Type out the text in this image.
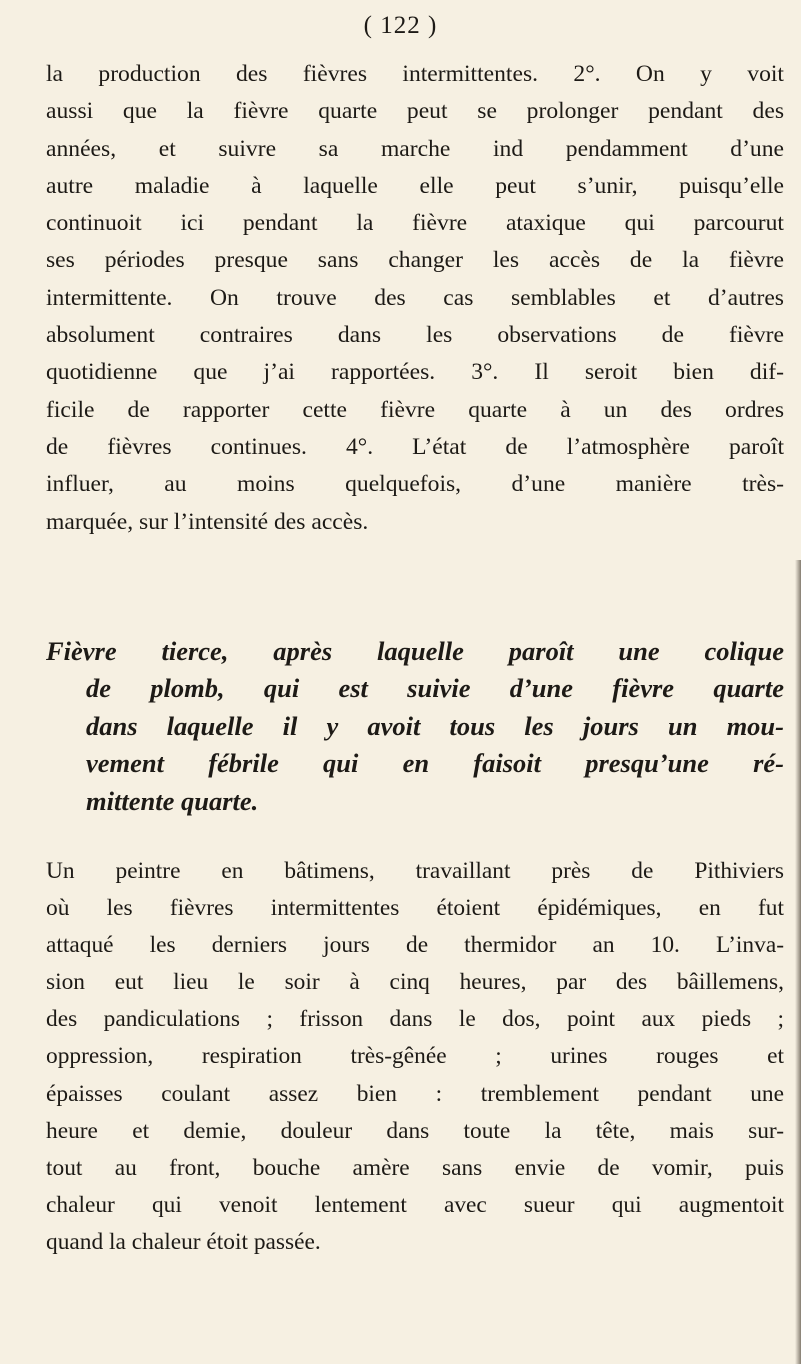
( 122 )
la production des fièvres intermittentes. 2°. On y voit
aussi que la fièvre quarte peut se prolonger pendant des
années, et suivre sa marche ind pendamment d’une
autre maladie à laquelle elle peut s’unir, puisqu’elle
continuoit ici pendant la fièvre ataxique qui parcourut
ses périodes presque sans changer les accès de la fièvre
intermittente. On trouve des cas semblables et d’autres
absolument contraires dans les observations de fièvre
quotidienne que j’ai rapportées. 3°. Il seroit bien dif-
ficile de rapporter cette fièvre quarte à un des ordres
de fièvres continues. 4°. L’état de l’atmosphère paroît
influer, au moins quelquefois, d’une manière très-
marquée, sur l’intensité des accès.
Fièvre tierce, après laquelle paroît une colique
de plomb, qui est suivie d’une fièvre quarte
dans laquelle il y avoit tous les jours un mou-
vement fébrile qui en faisoit presqu’une ré-
mittente quarte.
Un peintre en bâtimens, travaillant près de Pithiviers
où les fièvres intermittentes étoient épidémiques, en fut
attaqué les derniers jours de thermidor an 10. L’inva-
sion eut lieu le soir à cinq heures, par des bâillemens,
des pandiculations ; frisson dans le dos, point aux pieds ;
oppression, respiration très-gênée ; urines rouges et
épaisses coulant assez bien : tremblement pendant une
heure et demie, douleur dans toute la tête, mais sur-
tout au front, bouche amère sans envie de vomir, puis
chaleur qui venoit lentement avec sueur qui augmentoit
quand la chaleur étoit passée.
